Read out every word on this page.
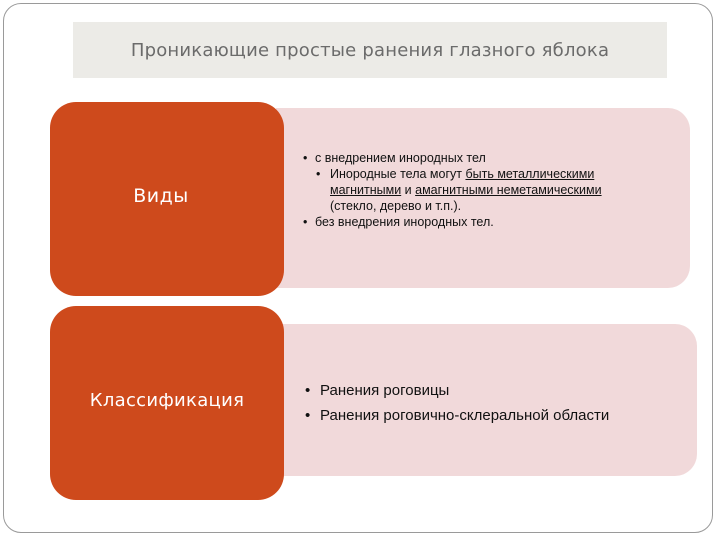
Проникающие простые ранения глазного яблока
Виды
Классификация
• с внедрением инородных тел
• Инородные тела могут быть металлическими
магнитными и амагнитными неметамическими
(стекло, дерево и т.п.).
• без внедрения инородных тел.
• Ранения роговицы
• Ранения роговично-склеральной области
